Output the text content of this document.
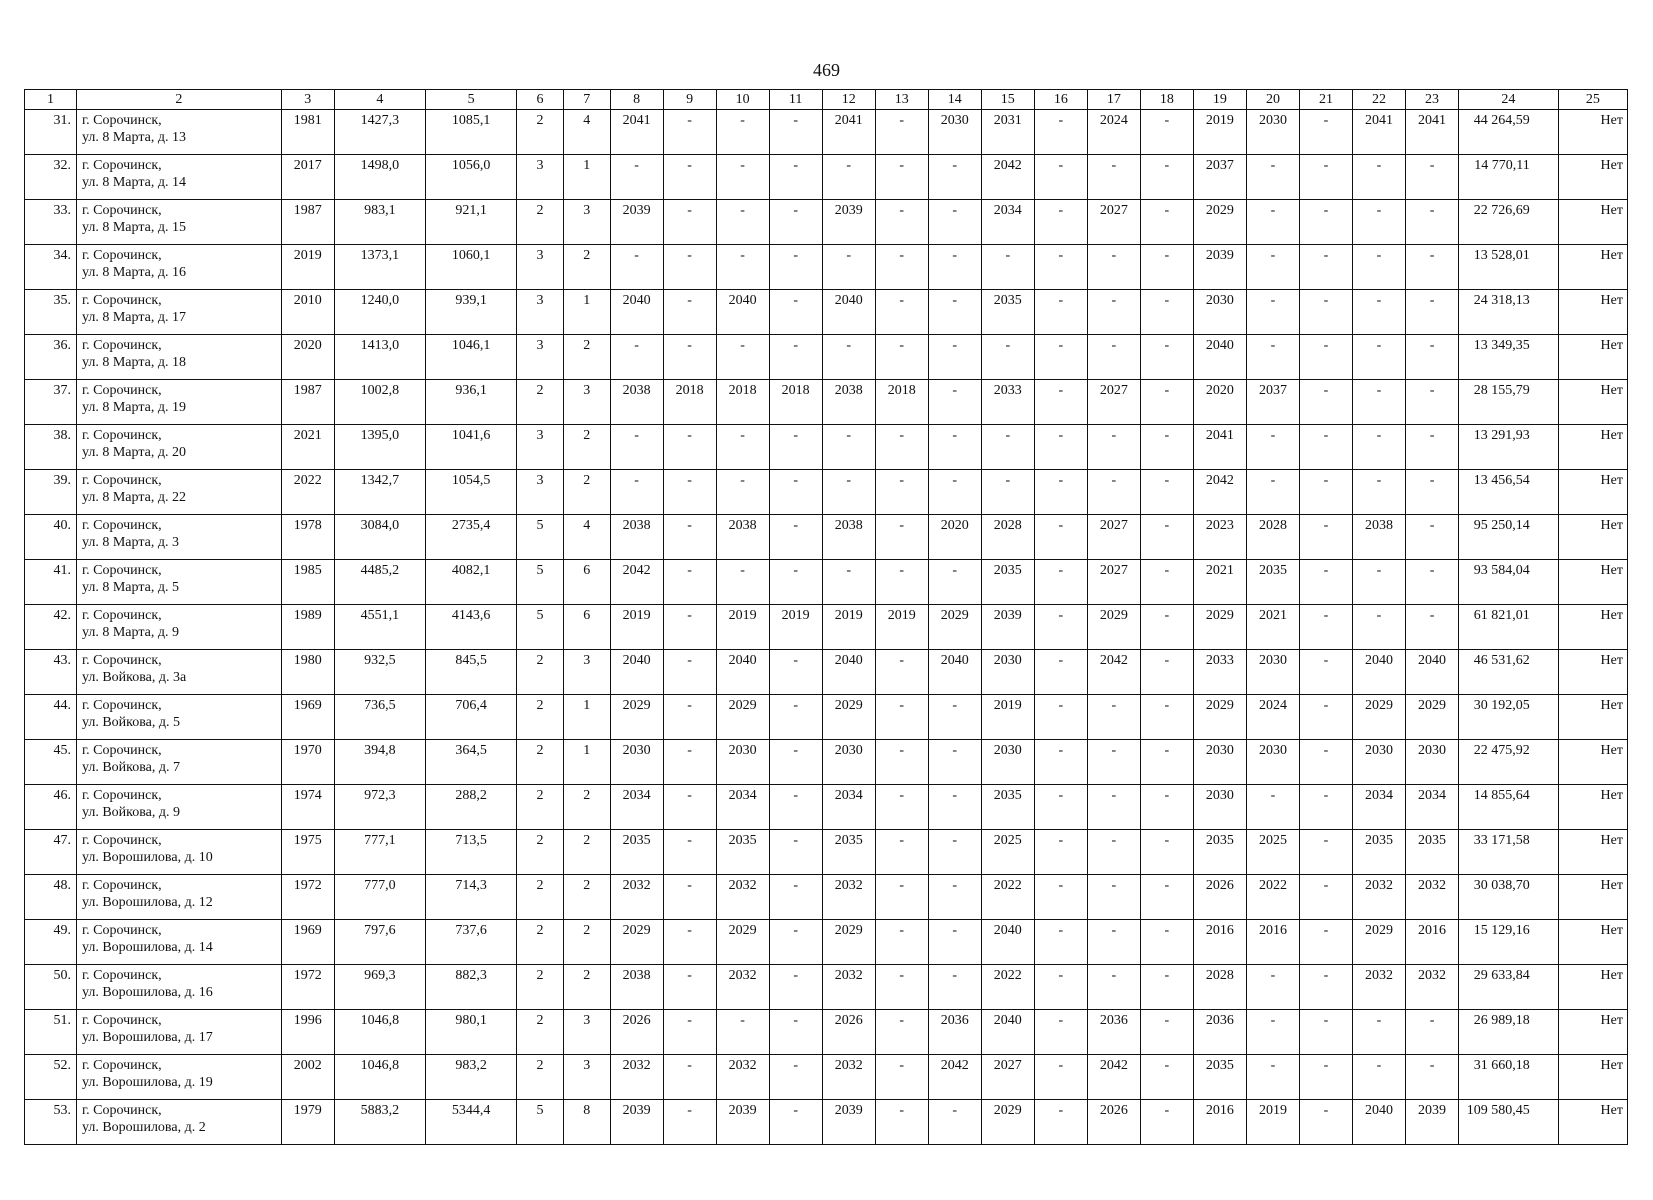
469
1	2	3	4	5	6	7	8	9	10	11	12	13	14	15	16	17	18	19	20	21	22	23	24	25
31.	г. Сорочинск,
ул. 8 Марта, д. 13	1981	1427,3	1085,1	2	4	2041	-	-	-	2041	-	2030	2031	-	2024	-	2019	2030	-	2041	2041	44 264,59	Нет
32.	г. Сорочинск,
ул. 8 Марта, д. 14	2017	1498,0	1056,0	3	1	-	-	-	-	-	-	-	2042	-	-	-	2037	-	-	-	-	14 770,11	Нет
33.	г. Сорочинск,
ул. 8 Марта, д. 15	1987	983,1	921,1	2	3	2039	-	-	-	2039	-	-	2034	-	2027	-	2029	-	-	-	-	22 726,69	Нет
34.	г. Сорочинск,
ул. 8 Марта, д. 16	2019	1373,1	1060,1	3	2	-	-	-	-	-	-	-	-	-	-	-	2039	-	-	-	-	13 528,01	Нет
35.	г. Сорочинск,
ул. 8 Марта, д. 17	2010	1240,0	939,1	3	1	2040	-	2040	-	2040	-	-	2035	-	-	-	2030	-	-	-	-	24 318,13	Нет
36.	г. Сорочинск,
ул. 8 Марта, д. 18	2020	1413,0	1046,1	3	2	-	-	-	-	-	-	-	-	-	-	-	2040	-	-	-	-	13 349,35	Нет
37.	г. Сорочинск,
ул. 8 Марта, д. 19	1987	1002,8	936,1	2	3	2038	2018	2018	2018	2038	2018	-	2033	-	2027	-	2020	2037	-	-	-	28 155,79	Нет
38.	г. Сорочинск,
ул. 8 Марта, д. 20	2021	1395,0	1041,6	3	2	-	-	-	-	-	-	-	-	-	-	-	2041	-	-	-	-	13 291,93	Нет
39.	г. Сорочинск,
ул. 8 Марта, д. 22	2022	1342,7	1054,5	3	2	-	-	-	-	-	-	-	-	-	-	-	2042	-	-	-	-	13 456,54	Нет
40.	г. Сорочинск,
ул. 8 Марта, д. 3	1978	3084,0	2735,4	5	4	2038	-	2038	-	2038	-	2020	2028	-	2027	-	2023	2028	-	2038	-	95 250,14	Нет
41.	г. Сорочинск,
ул. 8 Марта, д. 5	1985	4485,2	4082,1	5	6	2042	-	-	-	-	-	-	2035	-	2027	-	2021	2035	-	-	-	93 584,04	Нет
42.	г. Сорочинск,
ул. 8 Марта, д. 9	1989	4551,1	4143,6	5	6	2019	-	2019	2019	2019	2019	2029	2039	-	2029	-	2029	2021	-	-	-	61 821,01	Нет
43.	г. Сорочинск,
ул. Войкова, д. 3а	1980	932,5	845,5	2	3	2040	-	2040	-	2040	-	2040	2030	-	2042	-	2033	2030	-	2040	2040	46 531,62	Нет
44.	г. Сорочинск,
ул. Войкова, д. 5	1969	736,5	706,4	2	1	2029	-	2029	-	2029	-	-	2019	-	-	-	2029	2024	-	2029	2029	30 192,05	Нет
45.	г. Сорочинск,
ул. Войкова, д. 7	1970	394,8	364,5	2	1	2030	-	2030	-	2030	-	-	2030	-	-	-	2030	2030	-	2030	2030	22 475,92	Нет
46.	г. Сорочинск,
ул. Войкова, д. 9	1974	972,3	288,2	2	2	2034	-	2034	-	2034	-	-	2035	-	-	-	2030	-	-	2034	2034	14 855,64	Нет
47.	г. Сорочинск,
ул. Ворошилова, д. 10	1975	777,1	713,5	2	2	2035	-	2035	-	2035	-	-	2025	-	-	-	2035	2025	-	2035	2035	33 171,58	Нет
48.	г. Сорочинск,
ул. Ворошилова, д. 12	1972	777,0	714,3	2	2	2032	-	2032	-	2032	-	-	2022	-	-	-	2026	2022	-	2032	2032	30 038,70	Нет
49.	г. Сорочинск,
ул. Ворошилова, д. 14	1969	797,6	737,6	2	2	2029	-	2029	-	2029	-	-	2040	-	-	-	2016	2016	-	2029	2016	15 129,16	Нет
50.	г. Сорочинск,
ул. Ворошилова, д. 16	1972	969,3	882,3	2	2	2038	-	2032	-	2032	-	-	2022	-	-	-	2028	-	-	2032	2032	29 633,84	Нет
51.	г. Сорочинск,
ул. Ворошилова, д. 17	1996	1046,8	980,1	2	3	2026	-	-	-	2026	-	2036	2040	-	2036	-	2036	-	-	-	-	26 989,18	Нет
52.	г. Сорочинск,
ул. Ворошилова, д. 19	2002	1046,8	983,2	2	3	2032	-	2032	-	2032	-	2042	2027	-	2042	-	2035	-	-	-	-	31 660,18	Нет
53.	г. Сорочинск,
ул. Ворошилова, д. 2	1979	5883,2	5344,4	5	8	2039	-	2039	-	2039	-	-	2029	-	2026	-	2016	2019	-	2040	2039	109 580,45	Нет
